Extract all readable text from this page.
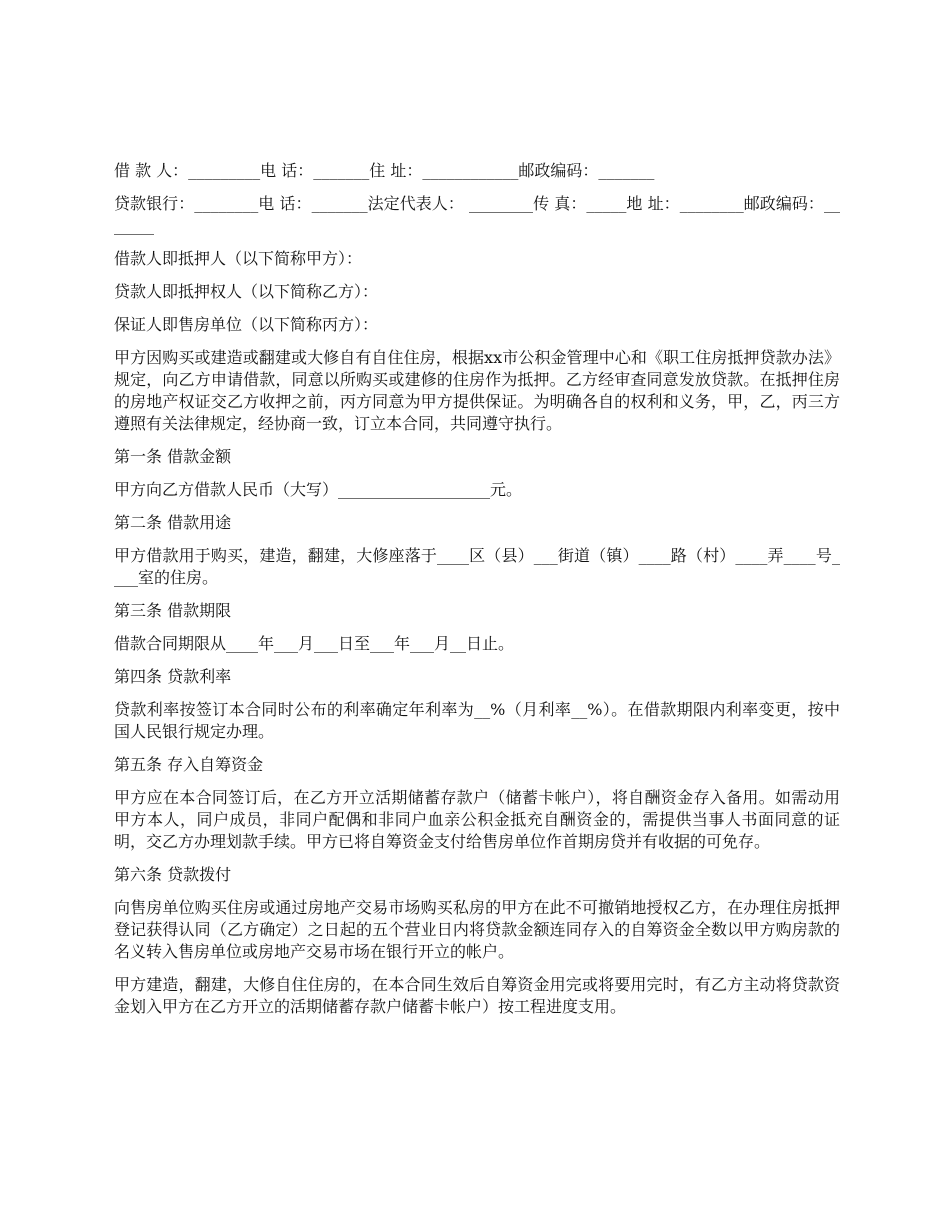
借 款 人：_________电 话：_______住 址：____________邮政编码：_______

贷款银行：________电 话：_______法定代表人： ________传 真：_____地 址：________邮政编码：_______

借款人即抵押人（以下简称甲方）：

贷款人即抵押权人（以下简称乙方）：

保证人即售房单位（以下简称丙方）：

甲方因购买或建造或翻建或大修自有自住住房，根据xx市公积金管理中心和《职工住房抵押贷款办法》规定，向乙方申请借款，同意以所购买或建修的住房作为抵押。乙方经审查同意发放贷款。在抵押住房的房地产权证交乙方收押之前，丙方同意为甲方提供保证。为明确各自的权利和义务，甲，乙，丙三方遵照有关法律规定，经协商一致，订立本合同，共同遵守执行。

第一条 借款金额

甲方向乙方借款人民币（大写）___________________元。

第二条 借款用途

甲方借款用于购买，建造，翻建，大修座落于____区（县）___街道（镇）____路（村）____弄____号____室的住房。

第三条 借款期限

借款合同期限从____年___月___日至___年___月__日止。

第四条 贷款利率

贷款利率按签订本合同时公布的利率确定年利率为__%（月利率__%）。在借款期限内利率变更，按中国人民银行规定办理。

第五条 存入自筹资金

甲方应在本合同签订后，在乙方开立活期储蓄存款户（储蓄卡帐户），将自酬资金存入备用。如需动用甲方本人，同户成员，非同户配偶和非同户血亲公积金抵充自酬资金的，需提供当事人书面同意的证明，交乙方办理划款手续。甲方已将自筹资金支付给售房单位作首期房贷并有收据的可免存。

第六条 贷款拨付

向售房单位购买住房或通过房地产交易市场购买私房的甲方在此不可撤销地授权乙方，在办理住房抵押登记获得认同（乙方确定）之日起的五个营业日内将贷款金额连同存入的自筹资金全数以甲方购房款的名义转入售房单位或房地产交易市场在银行开立的帐户。

甲方建造，翻建，大修自住住房的，在本合同生效后自筹资金用完或将要用完时，有乙方主动将贷款资金划入甲方在乙方开立的活期储蓄存款户储蓄卡帐户）按工程进度支用。
